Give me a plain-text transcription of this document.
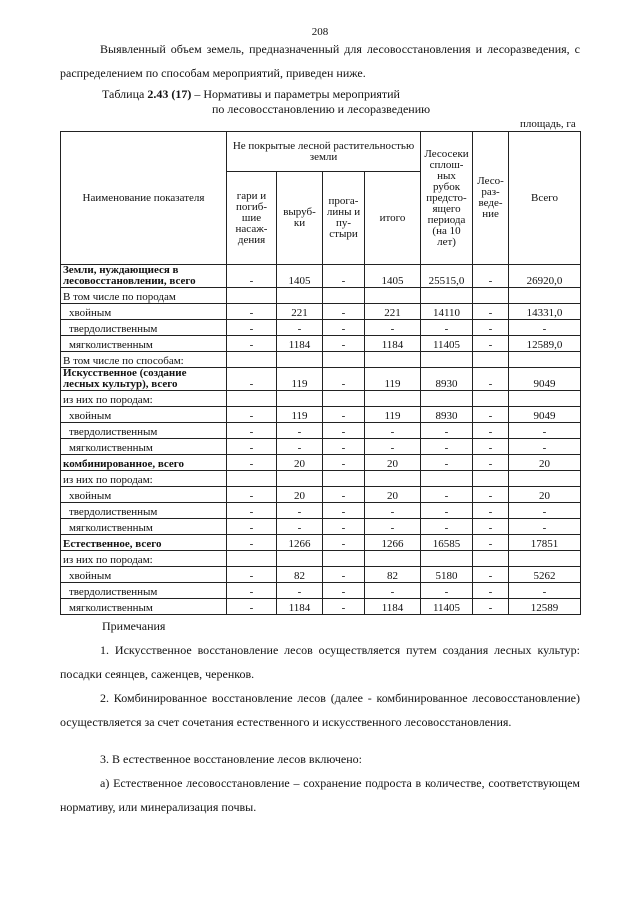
208

Выявленный объем земель, предназначенный для лесовосстановления и лесоразведения, с распределением по способам мероприятий, приведен ниже.

Таблица 2.43 (17) – Нормативы и параметры мероприятий
по лесовосстановлению и лесоразведению
площадь, га
Наименование показателя	Не покрытые лесной растительностью земли				Лесосеки сплош-ных рубок предсто-ящего периода (на 10 лет)	Лесо-раз-веде-ние	Всего
	гари и погиб-шие насаж-дения	выруб-ки	прога-лины и пу-стыри	итого			
Земли, нуждающиеся в лесовосстановлении, всего	-	1405	-	1405	25515,0	-	26920,0
В том числе по породам							
хвойным	-	221	-	221	14110	-	14331,0
твердолиственным	-	-	-	-	-	-	-
мягколиственным	-	1184	-	1184	11405	-	12589,0
В том числе по способам:							
Искусственное (создание лесных культур), всего	-	119	-	119	8930	-	9049
из них по породам:							
хвойным	-	119	-	119	8930	-	9049
твердолиственным	-	-	-	-	-	-	-
мягколиственным	-	-	-	-	-	-	-
комбинированное, всего	-	20	-	20	-	-	20
из них по породам:							
хвойным	-	20	-	20	-	-	20
твердолиственным	-	-	-	-	-	-	-
мягколиственным	-	-	-	-	-	-	-
Естественное, всего	-	1266	-	1266	16585	-	17851
из них по породам:							
хвойным	-	82	-	82	5180	-	5262
твердолиственным	-	-	-	-	-	-	-
мягколиственным	-	1184	-	1184	11405	-	12589
Примечания

1. Искусственное восстановление лесов осуществляется путем создания лесных культур: посадки сеянцев, саженцев, черенков.

2. Комбинированное восстановление лесов (далее - комбинированное лесовосстановление) осуществляется за счет сочетания естественного и искусственного лесовосстановления.

3. В естественное восстановление лесов включено:

а) Естественное лесовосстановление – сохранение подроста в количестве, соответствующем нормативу, или минерализация почвы.
